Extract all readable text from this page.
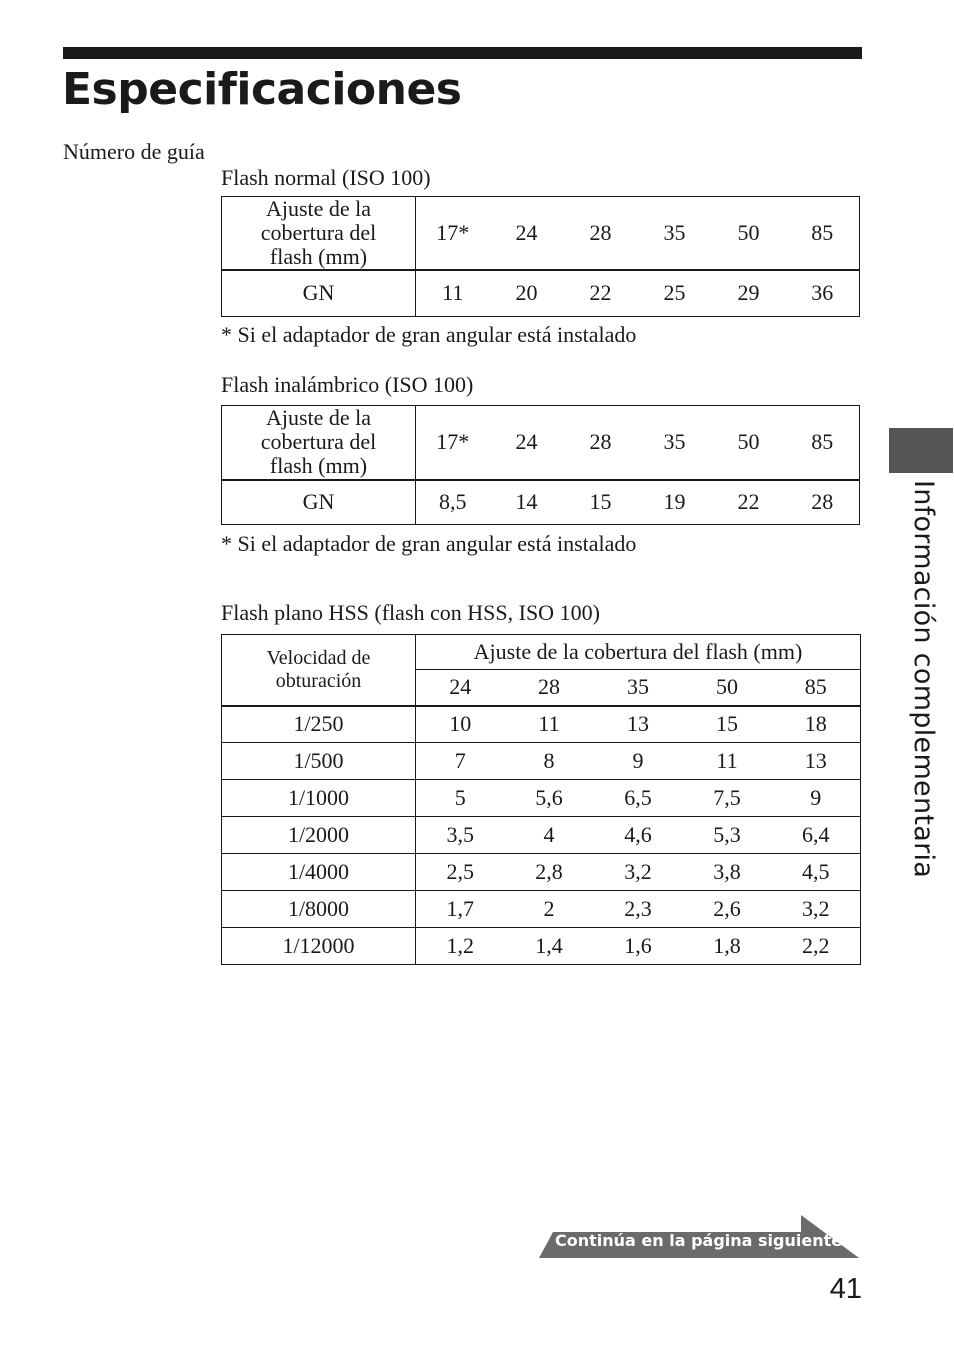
Especificaciones
Número de guía
Flash normal (ISO 100)
Ajuste de la
cobertura del
flash (mm)	17*	24	28	35	50	85
GN	11	20	22	25	29	36
* Si el adaptador de gran angular está instalado
Flash inalámbrico (ISO 100)
Ajuste de la
cobertura del
flash (mm)	17*	24	28	35	50	85
GN	8,5	14	15	19	22	28
* Si el adaptador de gran angular está instalado
Flash plano HSS (flash con HSS, ISO 100)
Velocidad de
obturación	Ajuste de la cobertura del flash (mm)				
	24	28	35	50	85
1/250	10	11	13	15	18
1/500	7	8	9	11	13
1/1000	5	5,6	6,5	7,5	9
1/2000	3,5	4	4,6	5,3	6,4
1/4000	2,5	2,8	3,2	3,8	4,5
1/8000	1,7	2	2,3	2,6	3,2
1/12000	1,2	1,4	1,6	1,8	2,2
Información complementaria
Continúa en la página siguiente
41
